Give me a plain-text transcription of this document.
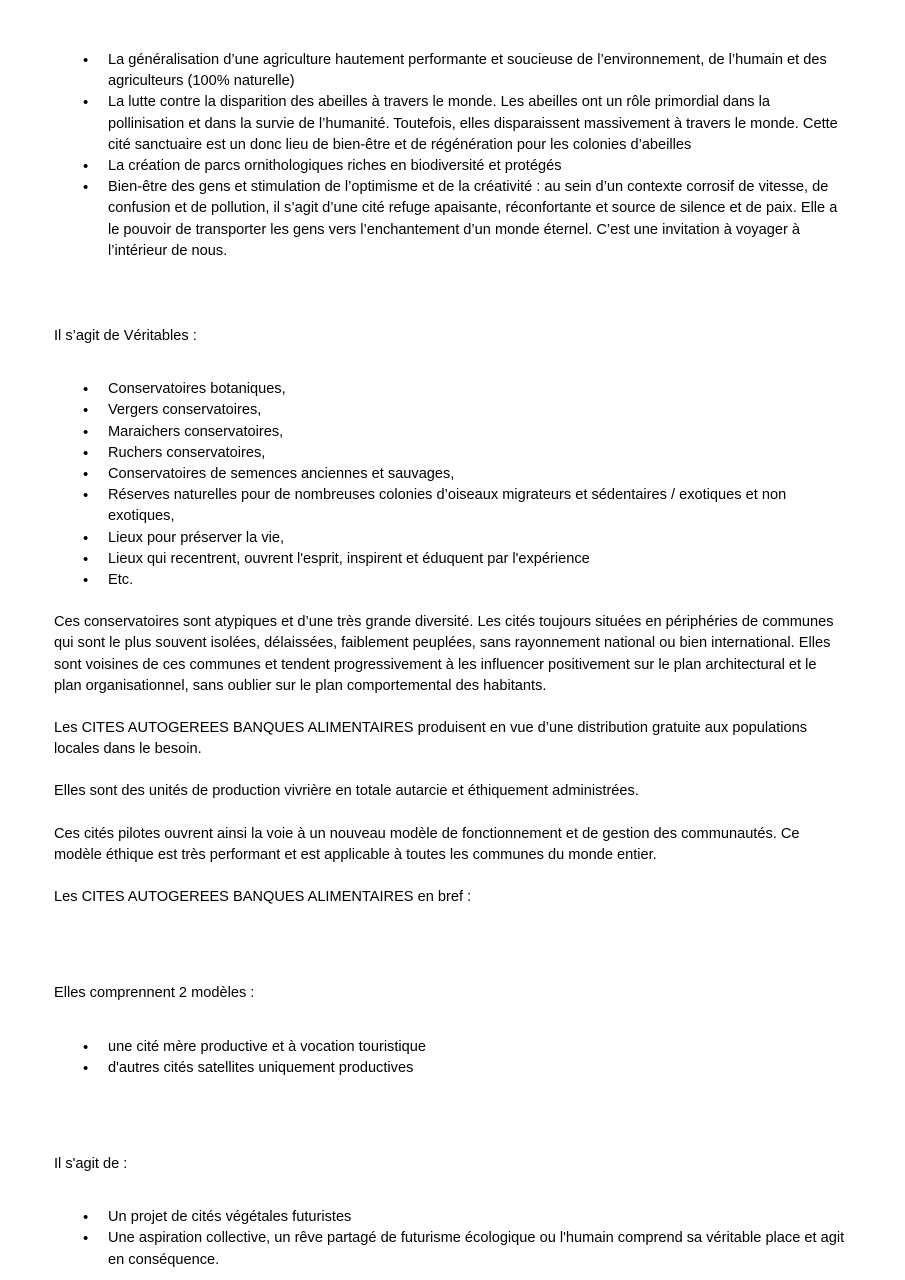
• La généralisation d’une agriculture hautement performante et soucieuse de l’environnement, de l’humain et des agriculteurs (100% naturelle)
• La lutte contre la disparition des abeilles à travers le monde. Les abeilles ont un rôle primordial dans la pollinisation et dans la survie de l’humanité. Toutefois, elles disparaissent massivement à travers le monde. Cette cité sanctuaire est un donc lieu de bien-être et de régénération pour les colonies d’abeilles
• La création de parcs ornithologiques riches en biodiversité et protégés
• Bien-être des gens et stimulation de l’optimisme et de la créativité : au sein d’un contexte corrosif de vitesse, de confusion et de pollution, il s’agit d’une cité refuge apaisante, réconfortante et source de silence et de paix. Elle a le pouvoir de transporter les gens vers l’enchantement d’un monde éternel. C’est une invitation à voyager à l’intérieur de nous.

Il s’agit de Véritables :

• Conservatoires botaniques,
• Vergers conservatoires,
• Maraichers conservatoires,
• Ruchers conservatoires,
• Conservatoires de semences anciennes et sauvages,
• Réserves naturelles pour de nombreuses colonies d’oiseaux migrateurs et sédentaires / exotiques et non exotiques,
• Lieux pour préserver la vie,
• Lieux qui recentrent, ouvrent l'esprit, inspirent et éduquent par l'expérience
• Etc.

Ces conservatoires sont atypiques et d’une très grande diversité. Les cités toujours situées en périphéries de communes qui sont le plus souvent isolées, délaissées, faiblement peuplées, sans rayonnement national ou bien international. Elles sont voisines de ces communes et tendent progressivement à les influencer positivement sur le plan architectural et le plan organisationnel, sans oublier sur le plan comportemental des habitants.

Les CITES AUTOGEREES BANQUES ALIMENTAIRES produisent en vue d’une distribution gratuite aux populations locales dans le besoin.

Elles sont des unités de production vivrière en totale autarcie et éthiquement administrées.

Ces cités pilotes ouvrent ainsi la voie à un nouveau modèle de fonctionnement et de gestion des communautés. Ce modèle éthique est très performant et est applicable à toutes les communes du monde entier.

Les CITES AUTOGEREES BANQUES ALIMENTAIRES en bref :

Elles comprennent 2 modèles :

• une cité mère productive et à vocation touristique
• d'autres cités satellites uniquement productives

Il s'agit de :

• Un projet de cités végétales futuristes
• Une aspiration collective, un rêve partagé de futurisme écologique ou l'humain comprend sa véritable place et agit en conséquence.
